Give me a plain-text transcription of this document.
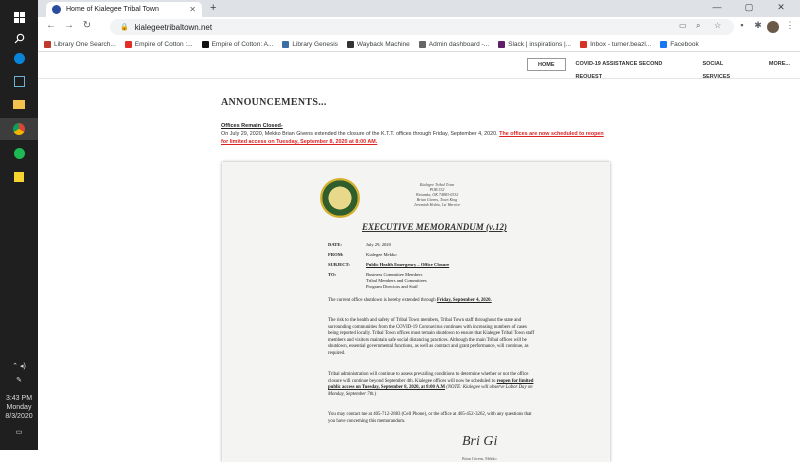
⌃ ◂)
✎
3:43 PM
Monday
8/3/2020
▭
Home of Kialegee Tribal Town	✕ +	—	▢	✕
← → ↻	🔒 kialegeetribaltown.net	▭ ⌕ ☆	▪	✱	⋮
Library One Search...	Empire of Cotton :...	Empire of Cotton: A...	Library Genesis	Wayback Machine	Admin dashboard -...	Slack | inspirations |...	Inbox - turner.beazl...	Facebook
HOME	COVID-19 ASSISTANCE SECOND REQUEST
SOCIAL SERVICES
MORE...
ANNOUNCEMENTS...
Offices Remain Closed-
On July 29, 2020, Mekko Brian Givens extended the closure of the K.T.T. offices through Friday, September 4, 2020. The offices are now scheduled to reopen for limited access on Tuesday, September 8, 2020 at 8:00 AM.
Kialegee Tribal Town
POB 332
Wetumka, OK 74883-0332
Brian Givens, Town King
Jeremiah Hobia, 1st Warrior
EXECUTIVE MEMORANDUM (v.12)
DATE:	July 29, 2020
FROM:	Kialegee Mekko
SUBJECT:	Public Health Emergency – Office Closure
TO:	Business Committee Members
Tribal Members and Committees
Program Directors and Staff
The current office shutdown is hereby extended through Friday, September 4, 2020.
The risk to the health and safety of Tribal Town members, Tribal Town staff throughout the state and surrounding communities from the COVID-19 Coronavirus continues with increasing numbers of cases being reported locally. Tribal Town offices must remain shutdown to ensure that Kialegee Tribal Town staff members and visitors maintain safe social distancing practices. Although the main Tribal offices will be shutdown, essential governmental functions, as well as contract and grant performance, will continue, as required.
Tribal administration will continue to assess prevailing conditions to determine whether or not the office closure will continue beyond September 4th. Kialegee offices will now be scheduled to reopen for limited public access on Tuesday, September 8, 2020, at 8:00 A.M (NOTE: Kialegee will observe Labor Day on Monday, September 7th.)
You may contact me at 405-712-2883 (Cell Phone), or the office at 405-452-3262, with any questions that you have concerning this memorandum.
Bri Gi
Brian Givens, Mekko
